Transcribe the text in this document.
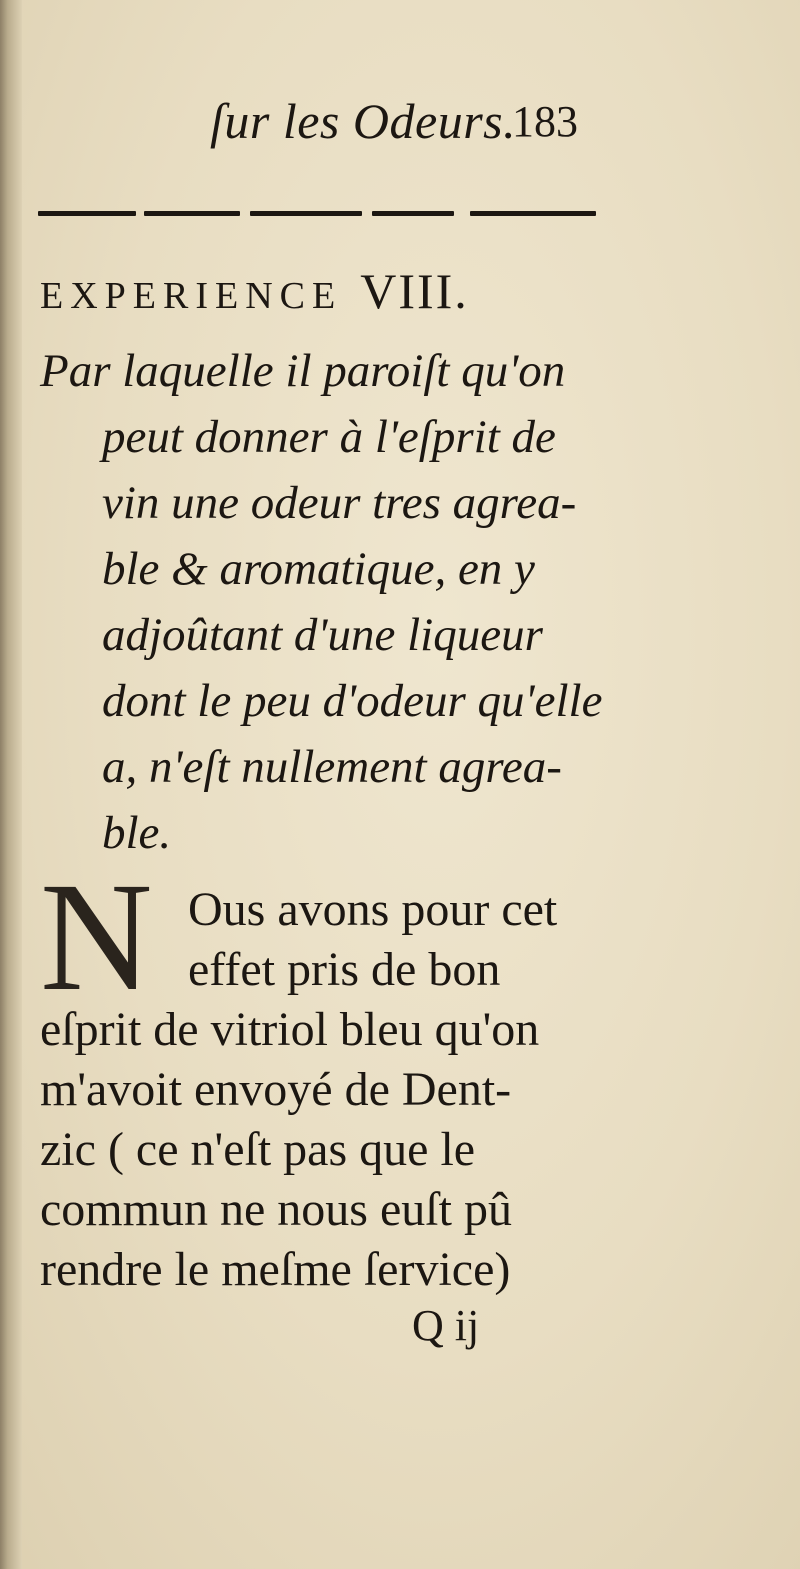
ſur les Odeurs.
183
EXPERIENCE VIII.
Par laquelle il paroiſt qu'on
peut donner à l'eſprit de
vin une odeur tres agrea-
ble & aromatique, en y
adjoûtant d'une liqueur
dont le peu d'odeur qu'elle
a, n'eſt nullement agrea-
ble.
N Ous avons pour cet
effet pris de bon
eſprit de vitriol bleu qu'on
m'avoit envoyé de Dent-
zic ( ce n'eſt pas que le
commun ne nous euſt pû
rendre le meſme ſervice)
Q ij
